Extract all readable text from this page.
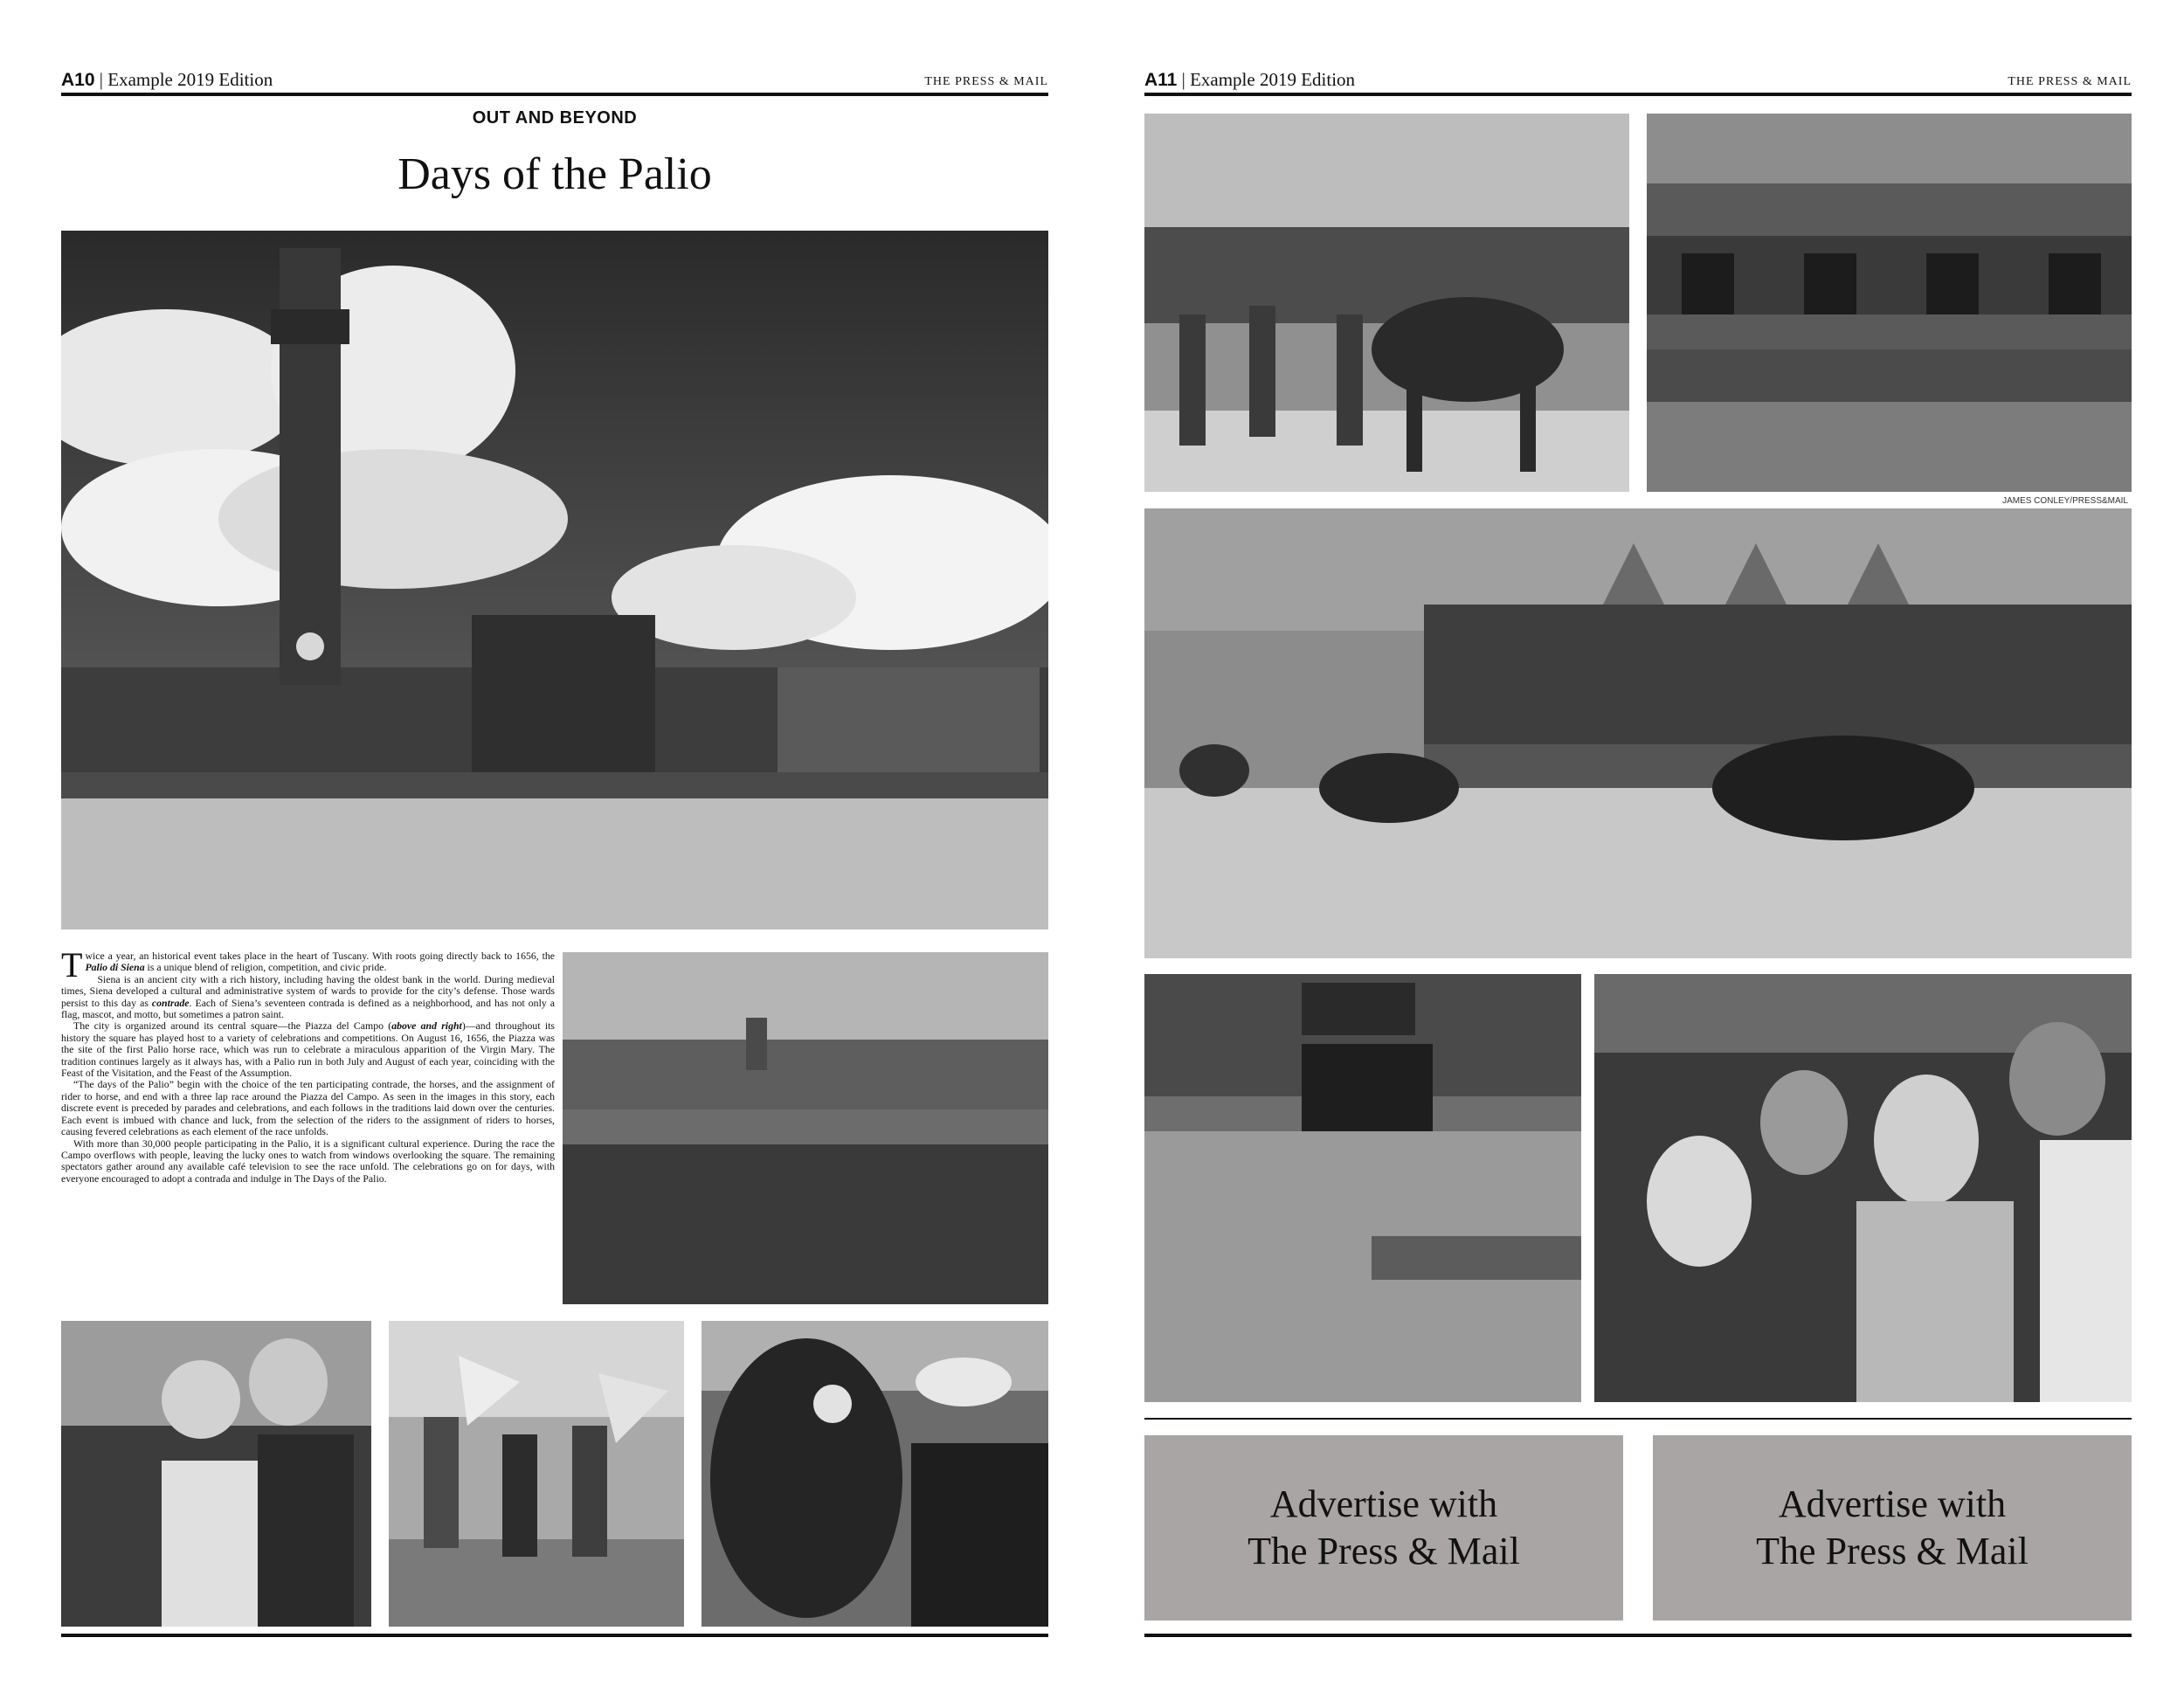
A10 | Example 2019 Edition	THE PRESS & MAIL
OUT AND BEYOND
Days of the Palio
T wice a year, an historical event takes place in the heart of Tuscany. With roots going directly back to 1656, the Palio di Siena is a unique blend of religion, competition, and civic pride.

Siena is an ancient city with a rich history, including having the oldest bank in the world. During medieval times, Siena developed a cultural and administrative system of wards to provide for the city’s defense. Those wards persist to this day as contrade. Each of Siena’s seventeen contrada is defined as a neighborhood, and has not only a flag, mascot, and motto, but sometimes a patron saint.

The city is organized around its central square—the Piazza del Campo (above and right)—and throughout its history the square has played host to a variety of celebrations and competitions. On August 16, 1656, the Piazza was the site of the first Palio horse race, which was run to celebrate a miraculous apparition of the Virgin Mary. The tradition continues largely as it always has, with a Palio run in both July and August of each year, coinciding with the Feast of the Visitation, and the Feast of the Assumption.

“The days of the Palio” begin with the choice of the ten participating contrade, the horses, and the assignment of rider to horse, and end with a three lap race around the Piazza del Campo. As seen in the images in this story, each discrete event is preceded by parades and celebrations, and each follows in the traditions laid down over the centuries. Each event is imbued with chance and luck, from the selection of the riders to the assignment of riders to horses, causing fevered celebrations as each element of the race unfolds.

With more than 30,000 people participating in the Palio, it is a significant cultural experience. During the race the Campo overflows with people, leaving the lucky ones to watch from windows overlooking the square. The remaining spectators gather around any available café television to see the race unfold. The celebrations go on for days, with everyone encouraged to adopt a contrada and indulge in The Days of the Palio.

A11 | Example 2019 Edition	THE PRESS & MAIL
JAMES CONLEY/PRESS&MAIL
Advertise with
The Press & Mail
Advertise with
The Press & Mail
